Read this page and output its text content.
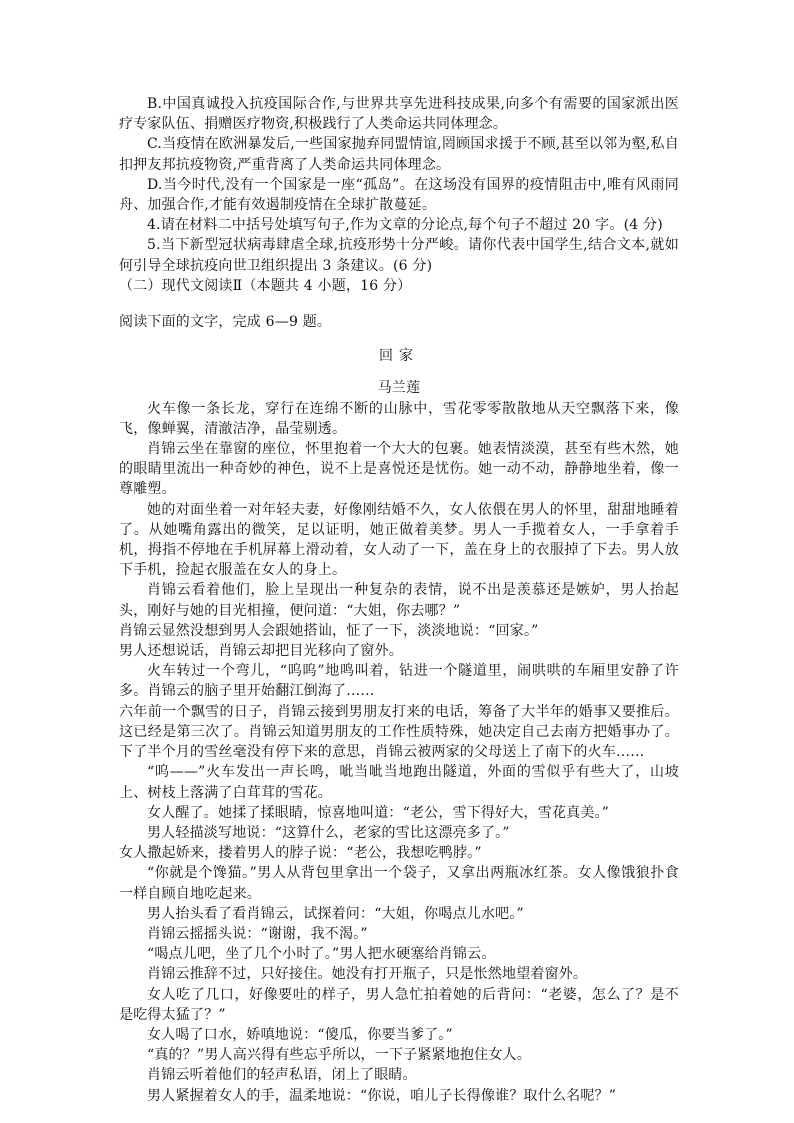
B.中国真诚投入抗疫国际合作,与世界共享先进科技成果,向多个有需要的国家派出医疗专家队伍、捐赠医疗物资,积极践行了人类命运共同体理念。

C.当疫情在欧洲暴发后,一些国家抛弃同盟情谊,罔顾国求援于不顾,甚至以邻为壑,私自扣押友邦抗疫物资,严重背离了人类命运共同体理念。

D.当今时代,没有一个国家是一座“孤岛”。在这场没有国界的疫情阻击中,唯有风雨同舟、加强合作,才能有效遏制疫情在全球扩散蔓延。

4.请在材料二中括号处填写句子,作为文章的分论点,每个句子不超过 20 字。(4 分)

5.当下新型冠状病毒肆虐全球,抗疫形势十分严峻。请你代表中国学生,结合文本,就如何引导全球抗疫向世卫组织提出 3 条建议。(6 分)

（二）现代文阅读Ⅱ（本题共 4 小题，16 分）

阅读下面的文字，完成 6—9 题。

回家

马兰莲

火车像一条长龙，穿行在连绵不断的山脉中，雪花零零散散地从天空飘落下来，像飞，像蝉翼，清澈洁净，晶莹剔透。

肖锦云坐在靠窗的座位，怀里抱着一个大大的包裹。她表情淡漠，甚至有些木然，她的眼睛里流出一种奇妙的神色，说不上是喜悦还是忧伤。她一动不动，静静地坐着，像一尊雕塑。

她的对面坐着一对年轻夫妻，好像刚结婚不久，女人依偎在男人的怀里，甜甜地睡着了。从她嘴角露出的微笑，足以证明，她正做着美梦。男人一手揽着女人，一手拿着手机，拇指不停地在手机屏幕上滑动着，女人动了一下，盖在身上的衣服掉了下去。男人放下手机，捡起衣服盖在女人的身上。

肖锦云看着他们，脸上呈现出一种复杂的表情，说不出是羡慕还是嫉妒，男人抬起头，刚好与她的目光相撞，便问道：“大姐，你去哪？”

肖锦云显然没想到男人会跟她搭讪，怔了一下，淡淡地说：“回家。”

男人还想说话，肖锦云却把目光移向了窗外。

火车转过一个弯儿，“呜呜”地鸣叫着，钻进一个隧道里，闹哄哄的车厢里安静了许多。肖锦云的脑子里开始翻江倒海了……

六年前一个飘雪的日子，肖锦云接到男朋友打来的电话，筹备了大半年的婚事又要推后。这已经是第三次了。肖锦云知道男朋友的工作性质特殊，她决定自己去南方把婚事办了。下了半个月的雪丝毫没有停下来的意思，肖锦云被两家的父母送上了南下的火车……

“呜——”火车发出一声长鸣，呲当呲当地跑出隧道，外面的雪似乎有些大了，山坡上、树枝上落满了白茸茸的雪花。

女人醒了。她揉了揉眼睛，惊喜地叫道：“老公，雪下得好大，雪花真美。”

男人轻描淡写地说：“这算什么，老家的雪比这漂亮多了。”

女人撒起娇来，搂着男人的脖子说：“老公，我想吃鸭脖。”

“你就是个馋猫。”男人从背包里拿出一个袋子，又拿出两瓶冰红茶。女人像饿狼扑食一样自顾自地吃起来。

男人抬头看了看肖锦云，试探着问：“大姐，你喝点儿水吧。”

肖锦云摇摇头说：“谢谢，我不渴。”

“喝点儿吧，坐了几个小时了。”男人把水硬塞给肖锦云。

肖锦云推辞不过，只好接住。她没有打开瓶子，只是怅然地望着窗外。

女人吃了几口，好像要吐的样子，男人急忙拍着她的后背问：“老婆，怎么了？是不是吃得太猛了？”

女人喝了口水，娇嗔地说：“傻瓜，你要当爹了。”

“真的？”男人高兴得有些忘乎所以，一下子紧紧地抱住女人。

肖锦云听着他们的轻声私语，闭上了眼睛。

男人紧握着女人的手，温柔地说：“你说，咱儿子长得像谁？取什么名呢？”
